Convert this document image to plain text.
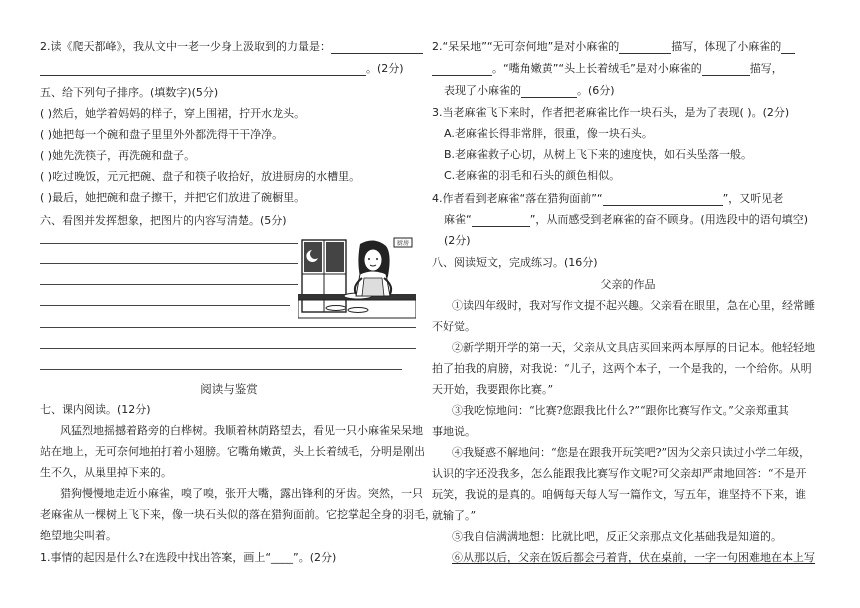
2.读《爬天都峰》，我从文中一老一少身上汲取到的力量是：
。(2分)
五、给下列句子排序。(填数字)(5分)
( )然后，她学着妈妈的样子，穿上围裙，拧开水龙头。
( )她把每一个碗和盘子里里外外都洗得干干净净。
( )她先洗筷子，再洗碗和盘子。
( )吃过晚饭，元元把碗、盘子和筷子收拾好，放进厨房的水槽里。
( )最后，她把碗和盘子擦干，并把它们放进了碗橱里。
六、看图并发挥想象，把图片的内容写清楚。(5分)
厨房
阅读与鉴赏
七、课内阅读。(12分)
风猛烈地摇撼着路旁的白桦树。我顺着林荫路望去，看见一只小麻雀呆呆地
站在地上，无可奈何地拍打着小翅膀。它嘴角嫩黄，头上长着绒毛，分明是刚出
生不久，从巢里掉下来的。
猎狗慢慢地走近小麻雀，嗅了嗅，张开大嘴，露出锋利的牙齿。突然，一只
老麻雀从一棵树上飞下来，像一块石头似的落在猎狗面前。它挖掌起全身的羽毛，
绝望地尖叫着。
1.事情的起因是什么?在选段中找出答案，画上“____”。(2分)
2.“呆呆地”“无可奈何地”是对小麻雀的	描写，体现了小麻雀的
。“嘴角嫩黄”“头上长着绒毛”是对小麻雀的	描写，
表现了小麻雀的	。(6分)
3.当老麻雀飞下来时，作者把老麻雀比作一块石头，是为了表现( )。(2分)
A.老麻雀长得非常胖，很重，像一块石头。
B.老麻雀救子心切，从树上飞下来的速度快，如石头坠落一般。
C.老麻雀的羽毛和石头的颜色相似。
4.作者看到老麻雀“落在猎狗面前”“	”，又听见老
麻雀“	”，从而感受到老麻雀的奋不顾身。(用选段中的语句填空)
(2分)
八、阅读短文，完成练习。(16分)
父亲的作品
①读四年级时，我对写作文提不起兴趣。父亲看在眼里，急在心里，经常睡
不好觉。
②新学期开学的第一天，父亲从文具店买回来两本厚厚的日记本。他轻轻地
拍了拍我的肩膀，对我说：“儿子，这两个本子，一个是我的，一个给你。从明
天开始，我要跟你比赛。”
③我吃惊地问：“比赛?您跟我比什么?”“跟你比赛写作文。”父亲郑重其
事地说。
④我疑惑不解地问：“您是在跟我开玩笑吧?”因为父亲只读过小学二年级，
认识的字还没我多，怎么能跟我比赛写作文呢?可父亲却严肃地回答：“不是开
玩笑，我说的是真的。咱俩每天每人写一篇作文，写五年，谁坚持不下来，谁
就输了。”
⑤我自信满满地想：比就比吧，反正父亲那点文化基础我是知道的。
⑥从那以后，父亲在饭后都会弓着背，伏在桌前，一字一句困难地在本上写
